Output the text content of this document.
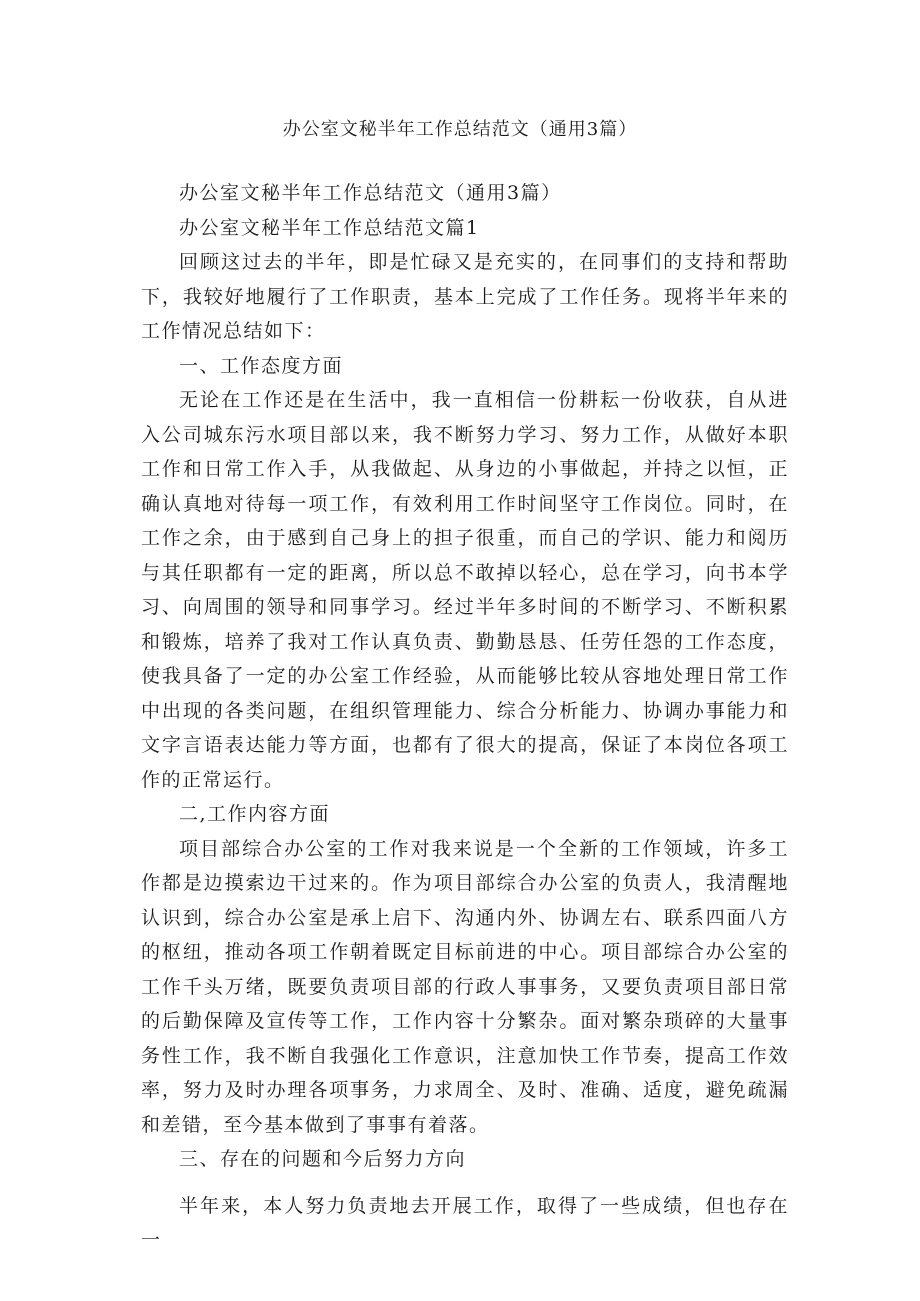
办公室文秘半年工作总结范文（通用3篇）

办公室文秘半年工作总结范文（通用3篇）

办公室文秘半年工作总结范文篇1

回顾这过去的半年，即是忙碌又是充实的，在同事们的支持和帮助下，我较好地履行了工作职责，基本上完成了工作任务。现将半年来的工作情况总结如下：

一、工作态度方面

无论在工作还是在生活中，我一直相信一份耕耘一份收获，自从进入公司城东污水项目部以来，我不断努力学习、努力工作，从做好本职工作和日常工作入手，从我做起、从身边的小事做起，并持之以恒，正确认真地对待每一项工作，有效利用工作时间坚守工作岗位。同时，在工作之余，由于感到自己身上的担子很重，而自己的学识、能力和阅历与其任职都有一定的距离，所以总不敢掉以轻心，总在学习，向书本学习、向周围的领导和同事学习。经过半年多时间的不断学习、不断积累和锻炼，培养了我对工作认真负责、勤勤恳恳、任劳任怨的工作态度，使我具备了一定的办公室工作经验，从而能够比较从容地处理日常工作中出现的各类问题，在组织管理能力、综合分析能力、协调办事能力和文字言语表达能力等方面，也都有了很大的提高，保证了本岗位各项工作的正常运行。

二,工作内容方面

项目部综合办公室的工作对我来说是一个全新的工作领域，许多工作都是边摸索边干过来的。作为项目部综合办公室的负责人，我清醒地认识到，综合办公室是承上启下、沟通内外、协调左右、联系四面八方的枢纽，推动各项工作朝着既定目标前进的中心。项目部综合办公室的工作千头万绪，既要负责项目部的行政人事事务，又要负责项目部日常的后勤保障及宣传等工作，工作内容十分繁杂。面对繁杂琐碎的大量事务性工作，我不断自我强化工作意识，注意加快工作节奏，提高工作效率，努力及时办理各项事务，力求周全、及时、准确、适度，避免疏漏和差错，至今基本做到了事事有着落。

三、存在的问题和今后努力方向

半年来，本人努力负责地去开展工作，取得了一些成绩，但也存在一
